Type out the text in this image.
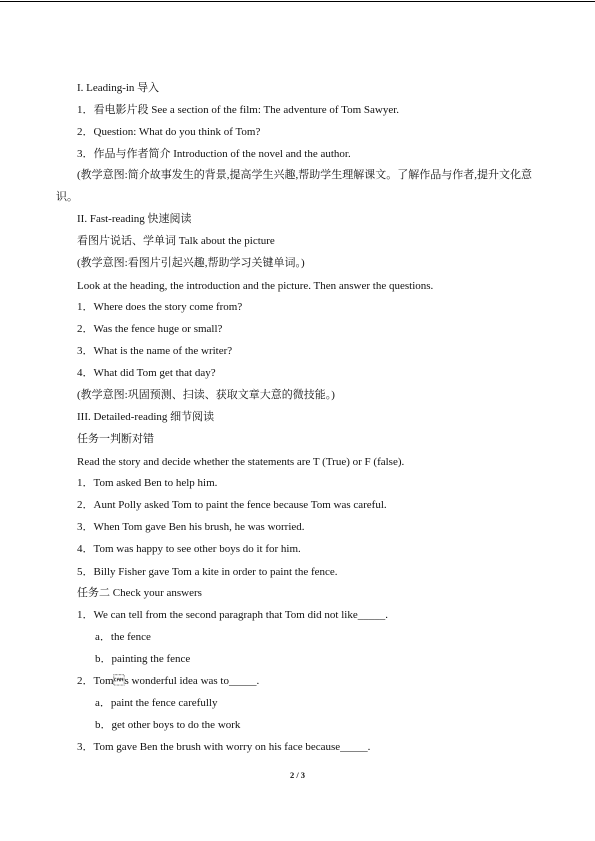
I. Leading-in 导入
1．看电影片段 See a section of the film: The adventure of Tom Sawyer.
2．Question: What do you think of Tom?
3．作品与作者简介 Introduction of the novel and the author.
(教学意图:简介故事发生的背景,提高学生兴趣,帮助学生理解课文。了解作品与作者,提升文化意识。
II. Fast-reading 快速阅读
看图片说话、学单词 Talk about the picture
(教学意图:看图片引起兴趣,帮助学习关键单词。)
Look at the heading, the introduction and the picture. Then answer the questions.
1．Where does the story come from?
2．Was the fence huge or small?
3．What is the name of the writer?
4．What did Tom get that day?
(教学意图:巩固预测、扫读、获取文章大意的微技能。)
III. Detailed-reading 细节阅读
任务一判断对错
Read the story and decide whether the statements are T (True) or F (false).
1．Tom asked Ben to help him.
2．Aunt Polly asked Tom to paint the fence because Tom was careful.
3．When Tom gave Ben his brush, he was worried.
4．Tom was happy to see other boys do it for him.
5．Billy Fisher gave Tom a kite in order to paint the fence.
任务二 Check your answers
1．We can tell from the second paragraph that Tom did not like_____.
a．the fence
b．painting the fence
2．Toms wonderful idea was to_____.
a．paint the fence carefully
b．get other boys to do the work
3．Tom gave Ben the brush with worry on his face because_____.
2 / 3
